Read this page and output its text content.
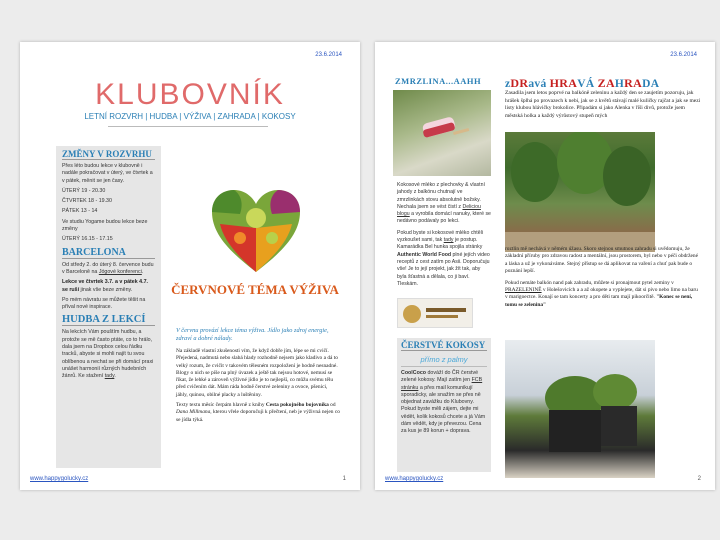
23.6.2014
KLUBOVNÍK
LETNÍ ROZVRH | HUDBA | VÝŽIVA | ZAHRADA | KOKOSY
ZMĚNY V ROZVRHU
Přes léto budou lekce v klubovně i nadále pokračovat v úterý, ve čtvrtek a v pátek, měnit se jen časy.
ÚTERÝ 19 - 20.30
ČTVRTEK 18 - 19.30
PÁTEK 13 - 14
Ve studiu Yogame budou lekce beze změny
ÚTERÝ 16.15 - 17.15
BARCELONA
Od středy 2. do úterý 8. července budu v Barceloně na Jógové konferenci.
Lekce ve čtvrtek 3.7. a v pátek 4.7. se ruší jinak vše beze změny.
Po mém návratu se můžete těšit na příval nové inspirace.
HUDBA Z LEKCÍ
Na lekcích Vám pouštím hudbu, a protože se mě často ptáte, co to hrálo, dala jsem na Dropbox celou řádku tracků, abyste si mohli najít tu svou oblíbenou a nechat se při domácí praxi unášet harmonií různých hudebních žánrů. Ke stažení tady.
ČERVNOVÉ TÉMA VÝŽIVA
V červnu provází lekce téma výživa. Jídlo jako zdroj energie, zdraví a dobré nálady.

Na základě vlastní zkušenosti vím, že když dobře jím, lépe se mi cvičí. Přejedená, nadmutá nebo slabá hlady rozhodně nejsem jako kladivo a dá to velký rozum, že cvičit v takovém tělesném rozpoložení je hodně nesnadné. Blogy o nich se píše na plný úvazek a ještě tak nejsou hotové, nemusí se říkat, že lehké a zároveň výživné jídlo je to nejlepší, co můžu svému tělu před cvičením dát. Mám ráda hodně čerstvé zeleniny a ovoce, pšenici, jáhly, quinou, obilné placky a luštěniny.

Texty textu měsíc čerpám hlavně z knihy Cesta pokojného bojovníka od Dana Millmana, kterou vřele doporučuji k přečtení, neb je výživná nejen co se jídla týká.

www.happygolucky.cz	1
23.6.2014
ZMRZLINA...AAHH

Kokosové mléko z plechovky & vlastní jahody z balkónu chutnají ve zmrzlinkách stovu absolutně božsky. Nechala jsem se vést čistí z Deliciou blogu a vyrobila domácí nanuky, které se nedávno podávaly po lekci.

Pokud byste si kokosové mléko chtěli vyzkoušet sami, tak tady je postup. Kamarádka Bel hunka spojila stránky Authentic World Food plné jejích video receptů z cest zatím po Asii. Doporučuju vše! Je to její projekt, jak žít tak, aby byla šťastná a dělala, co ji baví. Tleskám.

ČERSTVÉ KOKOSY
přímo z palmy
CoolCoco dováží do ČR čerstvé zelené kokosy. Mají zatím jen FCB stránku a přes mail komunikují sporadicky, ale snažím se přes ně objednat zavážku do Klubovny. Pokud byste měli zájem, dejte mi vědět, kolik kokosů chcete a já Vám dám vědět, kdy je převezou. Cena za kus je 89 korun + doprava.
zDRavá HRAVÁ ZAHRADA
Zasadila jsem letos poprvé na balkóně zeleninu a každý den se zaujetím pozoruju, jak hrášek šplhá po provazech k nebi, jak se z květů stávají malé kuličky rajčat a jak se mezi listy klubou hlávičky brokolice. Připadám si jako Alenka v říši divů, protože jsem městská holka a každý výrůstový stupeň mých

roztlin mě nechává v němém úžasu. Skoro stejnou smutnou zahradu si uvědomuju, že základní příruby pro zdravou radost a mentální, jsou prostorem, byl nebo v péči obdržené a láska a už je vykonáváme. Stejný přístup se dá aplikovat na vaření a chuť pak bude o poznání lepší.

Pokud nemáte balkón nand pak zahradu, můžete si pronajmout pytel zeminy v PRAZELENINĚ v Holešovicích a a až okopete a vyplejete, dát si pivo nebo limo na baru v marigoectce. Konají se tam koncerty a pro děti tam mají pikoorčitě. "Konec se není, tomu se zelenina"

www.happygolucky.cz	2
